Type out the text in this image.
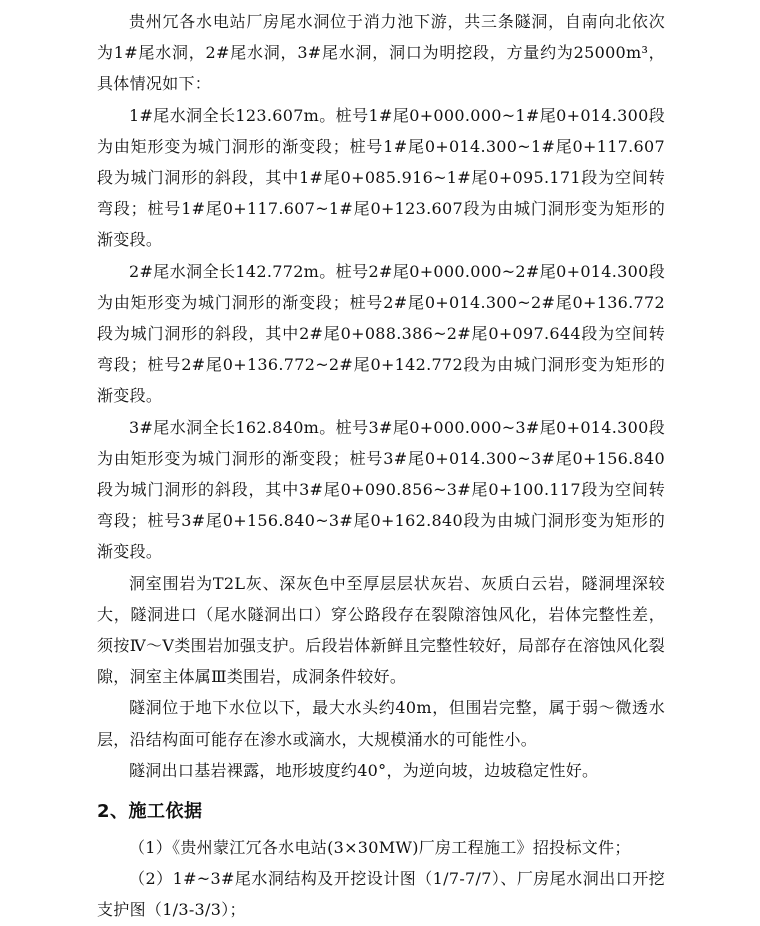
贵州冗各水电站厂房尾水洞位于消力池下游，共三条隧洞，自南向北依次为1#尾水洞，2#尾水洞，3#尾水洞，洞口为明挖段，方量约为25000m³，具体情况如下：

1#尾水洞全长123.607m。桩号1#尾0+000.000~1#尾0+014.300段为由矩形变为城门洞形的渐变段；桩号1#尾0+014.300~1#尾0+117.607段为城门洞形的斜段，其中1#尾0+085.916~1#尾0+095.171段为空间转弯段；桩号1#尾0+117.607~1#尾0+123.607段为由城门洞形变为矩形的渐变段。

2#尾水洞全长142.772m。桩号2#尾0+000.000~2#尾0+014.300段为由矩形变为城门洞形的渐变段；桩号2#尾0+014.300~2#尾0+136.772段为城门洞形的斜段，其中2#尾0+088.386~2#尾0+097.644段为空间转弯段；桩号2#尾0+136.772~2#尾0+142.772段为由城门洞形变为矩形的渐变段。

3#尾水洞全长162.840m。桩号3#尾0+000.000~3#尾0+014.300段为由矩形变为城门洞形的渐变段；桩号3#尾0+014.300~3#尾0+156.840段为城门洞形的斜段，其中3#尾0+090.856~3#尾0+100.117段为空间转弯段；桩号3#尾0+156.840~3#尾0+162.840段为由城门洞形变为矩形的渐变段。

洞室围岩为T2L灰、深灰色中至厚层层状灰岩、灰质白云岩，隧洞埋深较大，隧洞进口（尾水隧洞出口）穿公路段存在裂隙溶蚀风化，岩体完整性差，须按Ⅳ～Ⅴ类围岩加强支护。后段岩体新鲜且完整性较好，局部存在溶蚀风化裂隙，洞室主体属Ⅲ类围岩，成洞条件较好。

隧洞位于地下水位以下，最大水头约40m，但围岩完整，属于弱～微透水层，沿结构面可能存在渗水或滴水，大规模涌水的可能性小。

隧洞出口基岩裸露，地形坡度约40°，为逆向坡，边坡稳定性好。

2、施工依据

（1）《贵州蒙江冗各水电站(3×30MW)厂房工程施工》招投标文件；

（2）1#~3#尾水洞结构及开挖设计图（1/7-7/7）、厂房尾水洞出口开挖支护图（1/3-3/3）；
